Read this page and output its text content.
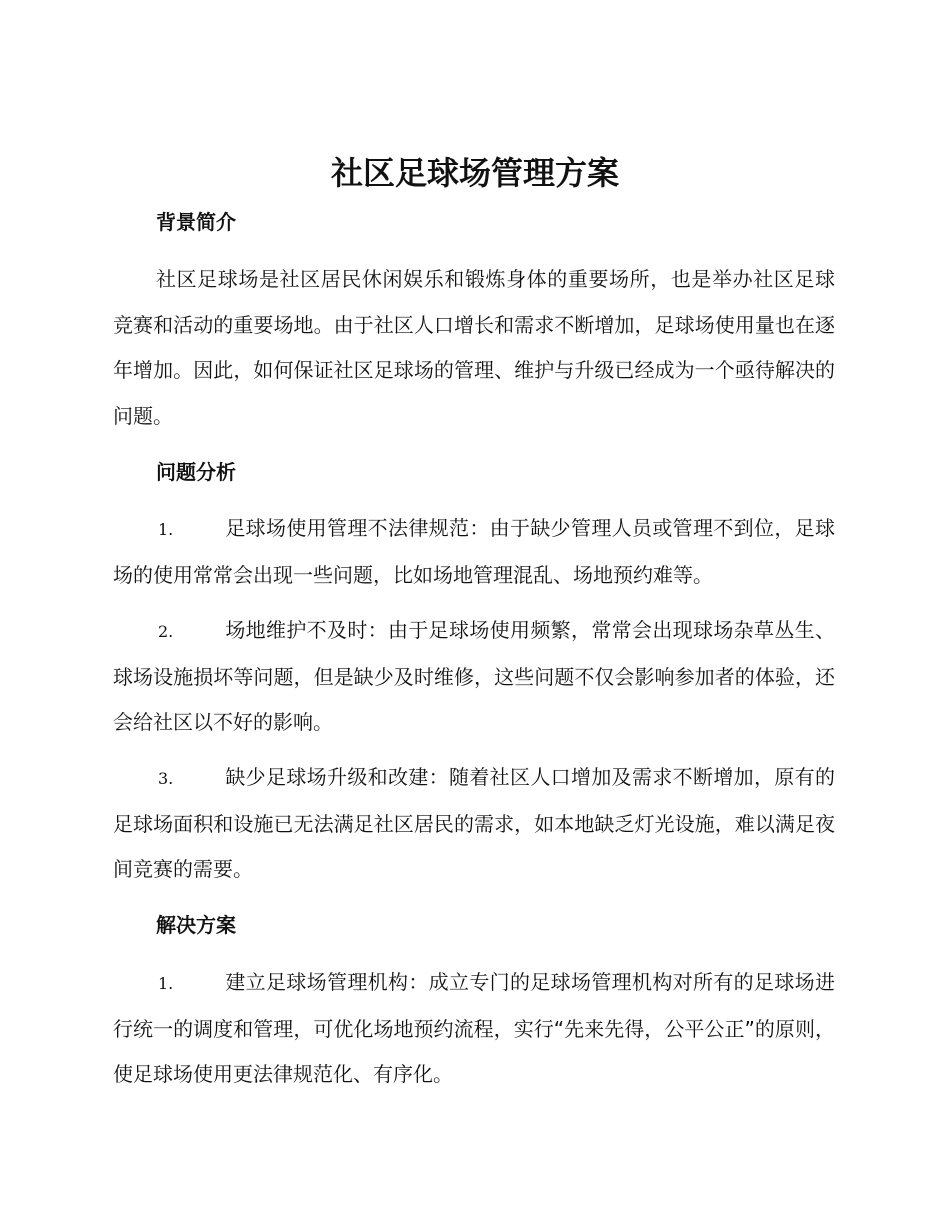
社区足球场管理方案
背景简介

社区足球场是社区居民休闲娱乐和锻炼身体的重要场所，也是举办社区足球竞赛和活动的重要场地。由于社区人口增长和需求不断增加，足球场使用量也在逐年增加。因此，如何保证社区足球场的管理、维护与升级已经成为一个亟待解决的问题。

问题分析

1.	足球场使用管理不法律规范：由于缺少管理人员或管理不到位，足球场的使用常常会出现一些问题，比如场地管理混乱、场地预约难等。

2.	场地维护不及时：由于足球场使用频繁，常常会出现球场杂草丛生、球场设施损坏等问题，但是缺少及时维修，这些问题不仅会影响参加者的体验，还会给社区以不好的影响。

3.	缺少足球场升级和改建：随着社区人口增加及需求不断增加，原有的足球场面积和设施已无法满足社区居民的需求，如本地缺乏灯光设施，难以满足夜间竞赛的需要。

解决方案

1.	建立足球场管理机构：成立专门的足球场管理机构对所有的足球场进行统一的调度和管理，可优化场地预约流程，实行“先来先得，公平公正”的原则，使足球场使用更法律规范化、有序化。
